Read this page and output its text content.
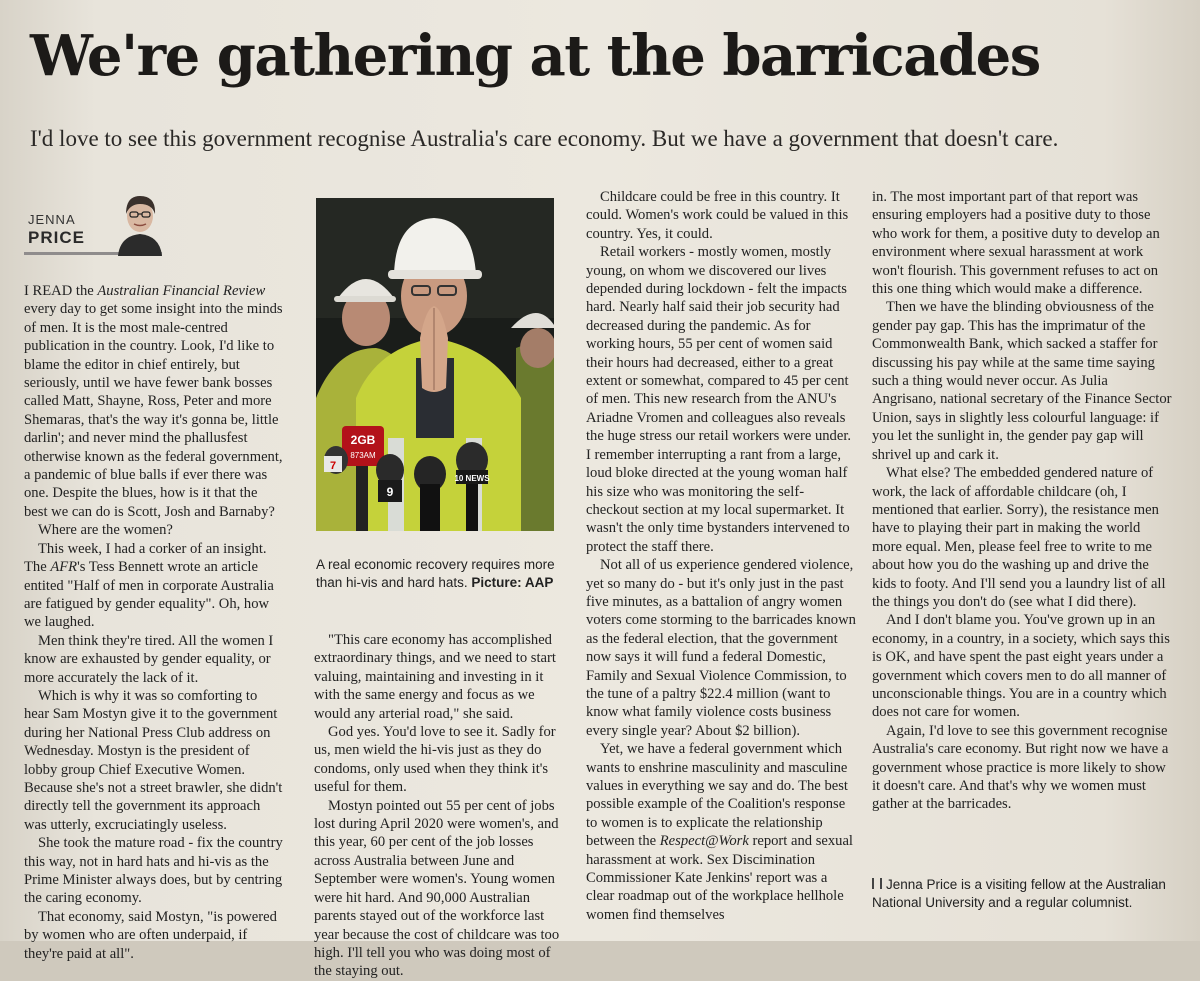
We're gathering at the barricades
I'd love to see this government recognise Australia's care economy. But we have a government that doesn't care.
JENNA
PRICE

I READ the Australian Financial Review every day to get some insight into the minds of men. It is the most male-centred publication in the country. Look, I'd like to blame the editor in chief entirely, but seriously, until we have fewer bank bosses called Matt, Shayne, Ross, Peter and more Shemaras, that's the way it's gonna be, little darlin'; and never mind the phallusfest otherwise known as the federal government, a pandemic of blue balls if ever there was one. Despite the blues, how is it that the best we can do is Scott, Josh and Barnaby?

Where are the women?

This week, I had a corker of an insight. The AFR's Tess Bennett wrote an article entited "Half of men in corporate Australia are fatigued by gender equality". Oh, how we laughed.

Men think they're tired. All the women I know are exhausted by gender equality, or more accurately the lack of it.

Which is why it was so comforting to hear Sam Mostyn give it to the government during her National Press Club address on Wednesday. Mostyn is the president of lobby group Chief Executive Women. Because she's not a street brawler, she didn't directly tell the government its approach was utterly, excruciatingly useless.

She took the mature road - fix the country this way, not in hard hats and hi-vis as the Prime Minister always does, but by centring the caring economy.

That economy, said Mostyn, "is powered by women who are often underpaid, if they're paid at all".

2GB
873AM
9
10 NEWS
7
A real economic recovery requires more than hi-vis and hard hats. Picture: AAP

"This care economy has accomplished extraordinary things, and we need to start valuing, maintaining and investing in it with the same energy and focus as we would any arterial road," she said.

God yes. You'd love to see it. Sadly for us, men wield the hi-vis just as they do condoms, only used when they think it's useful for them.

Mostyn pointed out 55 per cent of jobs lost during April 2020 were women's, and this year, 60 per cent of the job losses across Australia between June and September were women's. Young women were hit hard. And 90,000 Australian parents stayed out of the workforce last year because the cost of childcare was too high. I'll tell you who was doing most of the staying out.

Childcare could be free in this country. It could. Women's work could be valued in this country. Yes, it could.

Retail workers - mostly women, mostly young, on whom we discovered our lives depended during lockdown - felt the impacts hard. Nearly half said their job security had decreased during the pandemic. As for working hours, 55 per cent of women said their hours had decreased, either to a great extent or somewhat, compared to 45 per cent of men. This new research from the ANU's Ariadne Vromen and colleagues also reveals the huge stress our retail workers were under. I remember interrupting a rant from a large, loud bloke directed at the young woman half his size who was monitoring the self-checkout section at my local supermarket. It wasn't the only time bystanders intervened to protect the staff there.

Not all of us experience gendered violence, yet so many do - but it's only just in the past five minutes, as a battalion of angry women voters come storming to the barricades known as the federal election, that the government now says it will fund a federal Domestic, Family and Sexual Violence Commission, to the tune of a paltry $22.4 million (want to know what family violence costs business every single year? About $2 billion).

Yet, we have a federal government which wants to enshrine masculinity and masculine values in everything we say and do. The best possible example of the Coalition's response to women is to explicate the relationship between the Respect@Work report and sexual harassment at work. Sex Discimination Commissioner Kate Jenkins' report was a clear roadmap out of the workplace hellhole women find themselves

in. The most important part of that report was ensuring employers had a positive duty to those who work for them, a positive duty to develop an environment where sexual harassment at work won't flourish. This government refuses to act on this one thing which would make a difference.

Then we have the blinding obviousness of the gender pay gap. This has the imprimatur of the Commonwealth Bank, which sacked a staffer for discussing his pay while at the same time saying such a thing would never occur. As Julia Angrisano, national secretary of the Finance Sector Union, says in slightly less colourful language: if you let the sunlight in, the gender pay gap will shrivel up and cark it.

What else? The embedded gendered nature of work, the lack of affordable childcare (oh, I mentioned that earlier. Sorry), the resistance men have to playing their part in making the world more equal. Men, please feel free to write to me about how you do the washing up and drive the kids to footy. And I'll send you a laundry list of all the things you don't do (see what I did there).

And I don't blame you. You've grown up in an economy, in a country, in a society, which says this is OK, and have spent the past eight years under a government which covers men to do all manner of unconscionable things. You are in a country which does not care for women.

Again, I'd love to see this government recognise Australia's care economy. But right now we have a government whose practice is more likely to show it doesn't care. And that's why we women must gather at the barricades.

Jenna Price is a visiting fellow at the Australian National University and a regular columnist.
